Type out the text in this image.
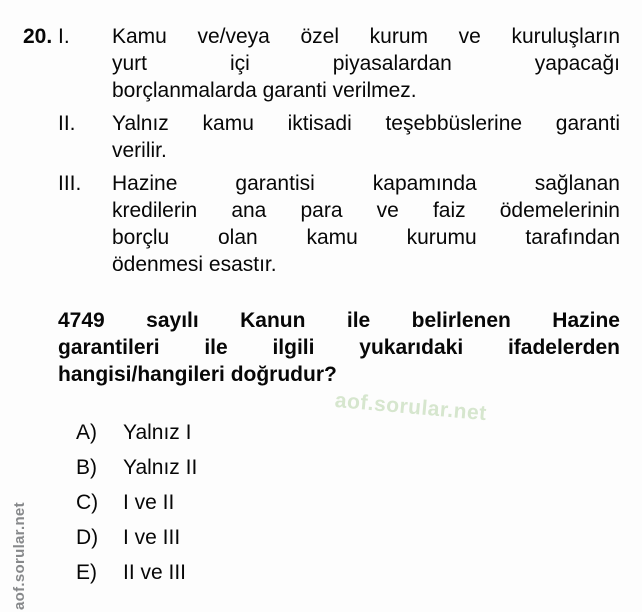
20. I.	Kamu ve/veya özel kurum ve kuruluşların
yurt içi piyasalardan yapacağı
borçlanmalarda garanti verilmez.
II.	Yalnız kamu iktisadi teşebbüslerine garanti
verilir.
III.	Hazine garantisi kapamında sağlanan
kredilerin ana para ve faiz ödemelerinin
borçlu olan kamu kurumu tarafından
ödenmesi esastır.
4749 sayılı Kanun ile belirlenen Hazine
garantileri ile ilgili yukarıdaki ifadelerden
hangisi/hangileri doğrudur?
A)	Yalnız I
B)	Yalnız II
C)	I ve II
D)	I ve III
E)	II ve III
aof.sorular.net
aof.sorular.net
